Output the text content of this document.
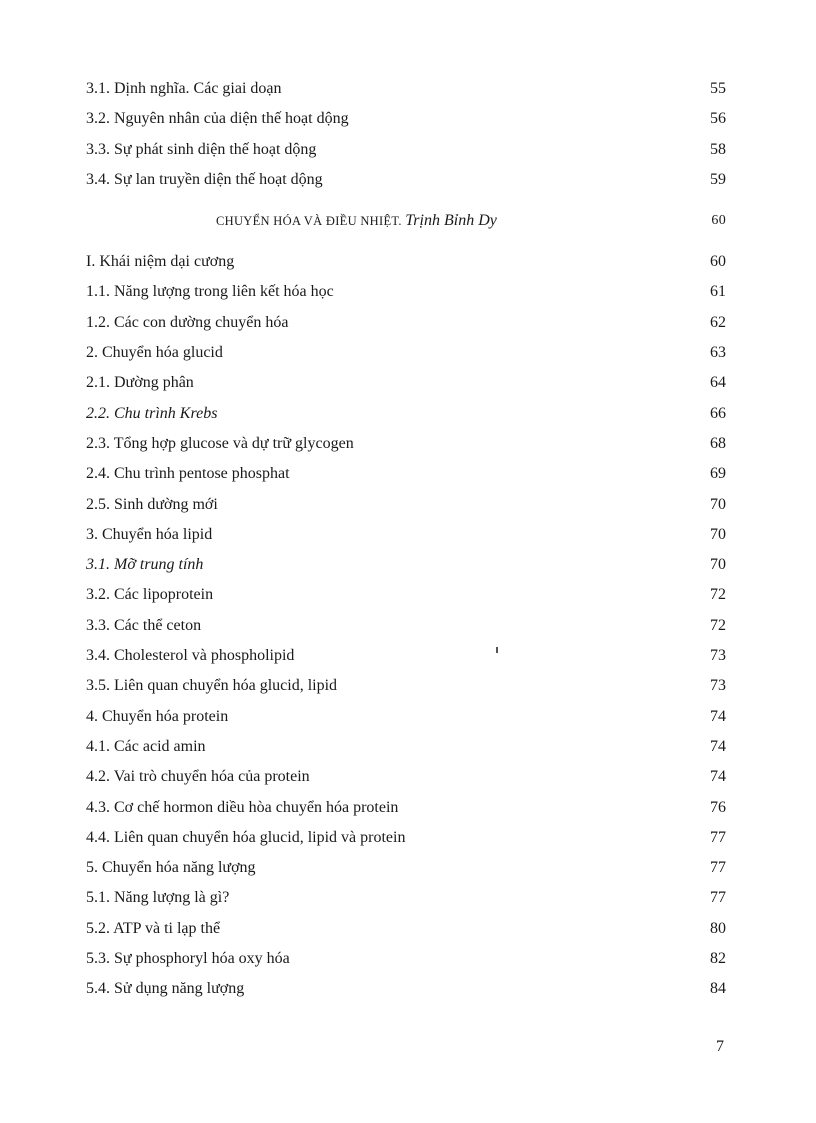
3.1. Dịnh nghĩa. Các giai doạn	55
3.2. Nguyên nhân của diện thế hoạt dộng	56
3.3. Sự phát sinh diện thế hoạt dộng	58
3.4. Sự lan truyền diện thế hoạt dộng	59
CHUYỂN HÓA VÀ ĐIỀU NHIỆT. Trịnh Bỉnh Dy	60
I. Khái niệm dại cương	60
1.1. Năng lượng trong liên kết hóa học	61
1.2. Các con dường chuyển hóa	62
2. Chuyển hóa glucid	63
2.1. Dường phân	64
2.2. Chu trình Krebs	66
2.3. Tổng hợp glucose và dự trữ glycogen	68
2.4. Chu trình pentose phosphat	69
2.5. Sinh dường mới	70
3. Chuyển hóa lipid	70
3.1. Mỡ trung tính	70
3.2. Các lipoprotein	72
3.3. Các thể ceton	72
3.4. Cholesterol và phospholipid	73
3.5. Liên quan chuyển hóa glucid, lipid	73
4. Chuyển hóa protein	74
4.1. Các acid amin	74
4.2. Vai trò chuyển hóa của protein	74
4.3. Cơ chế hormon diều hòa chuyển hóa protein	76
4.4. Liên quan chuyển hóa glucid, lipid và protein	77
5. Chuyển hóa năng lượng	77
5.1. Năng lượng là gì?	77
5.2. ATP và ti lạp thể	80
5.3. Sự phosphoryl hóa oxy hóa	82
5.4. Sử dụng năng lượng	84
7
